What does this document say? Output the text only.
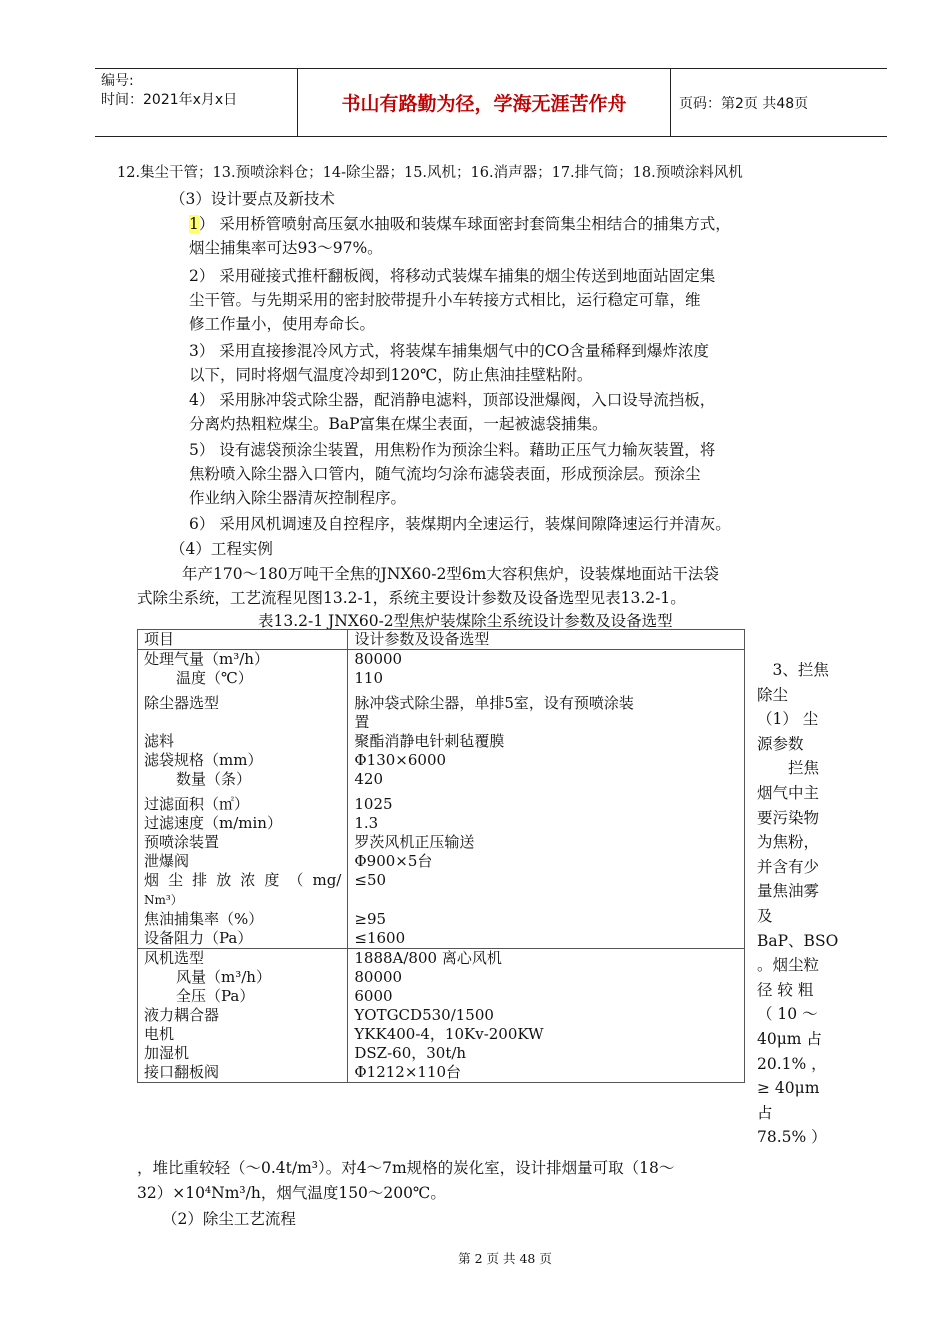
编号:
时间：2021年x月x日	书山有路勤为径，学海无涯苦作舟	页码：第2页 共48页
12.集尘干管；13.预喷涂料仓；14-除尘器；15.风机；16.消声器；17.排气筒；18.预喷涂料风机
（3）设计要点及新技术
1） 采用桥管喷射高压氨水抽吸和装煤车球面密封套筒集尘相结合的捕集方式，
烟尘捕集率可达93～97%。
2） 采用碰接式推杆翻板阀，将移动式装煤车捕集的烟尘传送到地面站固定集
尘干管。与先期采用的密封胶带提升小车转接方式相比，运行稳定可靠，维
修工作量小，使用寿命长。
3） 采用直接掺混冷风方式，将装煤车捕集烟气中的CO含量稀释到爆炸浓度
以下，同时将烟气温度冷却到120℃，防止焦油挂壁粘附。
4） 采用脉冲袋式除尘器，配消静电滤料，顶部设泄爆阀，入口设导流挡板，
分离灼热粗粒煤尘。BaP富集在煤尘表面，一起被滤袋捕集。
5） 设有滤袋预涂尘装置，用焦粉作为预涂尘料。藉助正压气力输灰装置，将
焦粉喷入除尘器入口管内，随气流均匀涂布滤袋表面，形成预涂层。预涂尘
作业纳入除尘器清灰控制程序。
6） 采用风机调速及自控程序，装煤期内全速运行，装煤间隙降速运行并清灰。
（4）工程实例
年产170～180万吨干全焦的JNX60-2型6m大容积焦炉，设装煤地面站干法袋
式除尘系统，工艺流程见图13.2-1，系统主要设计参数及设备选型见表13.2-1。
表13.2-1 JNX60-2型焦炉装煤除尘系统设计参数及设备选型
项目	设计参数及设备选型
处理气量（m³/h）	80000
温度（℃）	110
除尘器选型	脉冲袋式除尘器，单排5室，设有预喷涂装
置

滤料	聚酯消静电针刺毡覆膜
滤袋规格（mm）	Φ130×6000
数量（条）	420
过滤面积（㎡）	1025
过滤速度（m/min）	1.3
预喷涂装置	罗茨风机正压输送
泄爆阀	Φ900×5台

烟尘排放浓度（mg/
Nm³）	≤50
焦油捕集率（%）	≥95
设备阻力（Pa）	≤1600
风机选型	1888A/800 离心风机
风量（m³/h）	80000
全压（Pa）	6000
液力耦合器	YOTGCD530/1500
电机	YKK400-4，10Kv-200KW
加湿机	DSZ-60，30t/h
接口翻板阀	Φ1212×110台
　3、拦焦
除尘
（1） 尘
源参数
　　拦焦
烟气中主
要污染物
为焦粉，
并含有少
量焦油雾
及
BaP、BSO
。烟尘粒
径 较 粗
（ 10 ～
40μm 占
20.1% ，
≥ 40μm
占
78.5% ）
，堆比重较轻（～0.4t/m³）。对4～7m规格的炭化室，设计排烟量可取（18～
32）×10⁴Nm³/h，烟气温度150～200℃。
（2）除尘工艺流程
第 2 页 共 48 页
